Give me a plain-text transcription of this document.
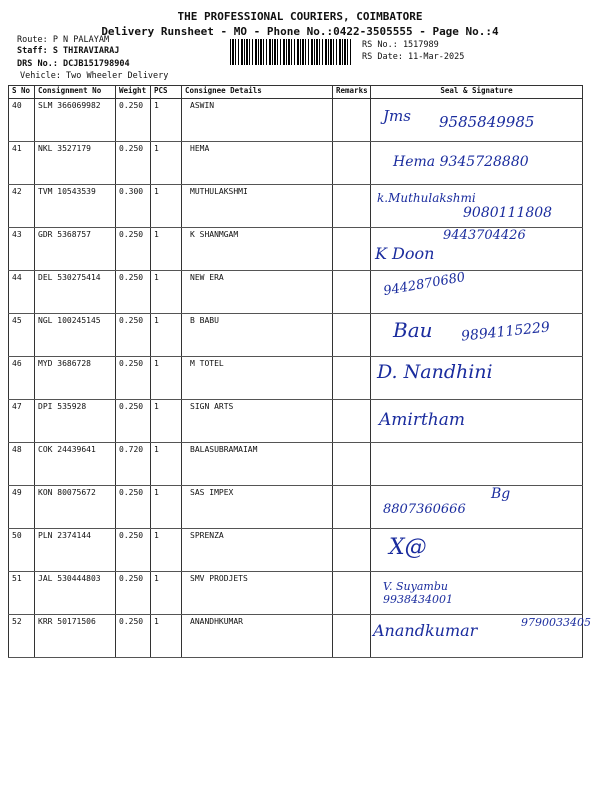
THE PROFESSIONAL COURIERS, COIMBATORE
Delivery Runsheet - MO - Phone No.:0422-3505555 - Page No.:4
Route: P N PALAYAM
Staff: S THIRAVIARAJ
DRS No.: DCJB151798904
Vehicle: Two Wheeler Delivery
RS No.: 1517989
RS Date: 11-Mar-2025
S No	Consignment No	Weight	PCS	Consignee Details	Remarks	Seal & Signature
40	SLM 366069982	0.250	1	ASWIN		Jms 9585849985

41	NKL 3527179	0.250	1	HEMA		Hema 9345728880

42	TVM 10543539	0.300	1	MUTHULAKSHMI		k.Muthulakshmi
9080111808

43	GDR 5368757	0.250	1	K SHANMGAM		9443704426
K Doon

44	DEL 530275414	0.250	1	NEW ERA		9442870680

45	NGL 100245145	0.250	1	B BABU		Bau 9894115229

46	MYD 3686728	0.250	1	M TOTEL		D. Nandhini

47	DPI 535928	0.250	1	SIGN ARTS		Amirtham

48	COK 24439641	0.720	1	BALASUBRAMAIAM		
49	KON 80075672	0.250	1	SAS IMPEX		Bg
8807360666

50	PLN 2374144	0.250	1	SPRENZA		X@

51	JAL 530444803	0.250	1	SMV PRODJETS		V. Suyambu 9938434001

52	KRR 50171506	0.250	1	ANANDHKUMAR		Anandkumar 9790033405
